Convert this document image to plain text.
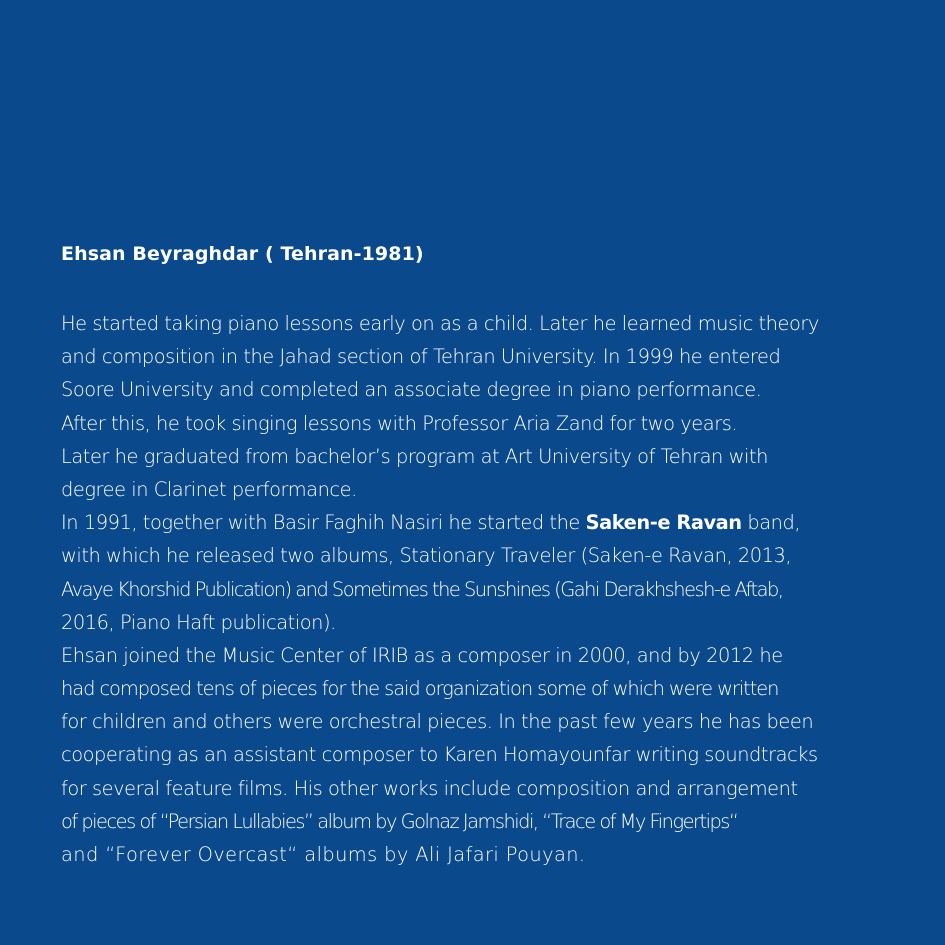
Ehsan Beyraghdar ( Tehran-1981)
He started taking piano lessons early on as a child. Later he learned music theory
and composition in the Jahad section of Tehran University. In 1999 he entered
Soore University and completed an associate degree in piano performance.
After this, he took singing lessons with Professor Aria Zand for two years.
Later he graduated from bachelor’s program at Art University of Tehran with
degree in Clarinet performance.
In 1991, together with Basir Faghih Nasiri he started the Saken-e Ravan band,
with which he released two albums, Stationary Traveler (Saken-e Ravan, 2013,
Avaye Khorshid Publication) and Sometimes the Sunshines (Gahi Derakhshesh-e Aftab,
2016, Piano Haft publication).
Ehsan joined the Music Center of IRIB as a composer in 2000, and by 2012 he
had composed tens of pieces for the said organization some of which were written
for children and others were orchestral pieces. In the past few years he has been
cooperating as an assistant composer to Karen Homayounfar writing soundtracks
for several feature films. His other works include composition and arrangement
of pieces of “Persian Lullabies” album by Golnaz Jamshidi, “Trace of My Fingertips“
and “Forever Overcast“ albums by Ali Jafari Pouyan.
